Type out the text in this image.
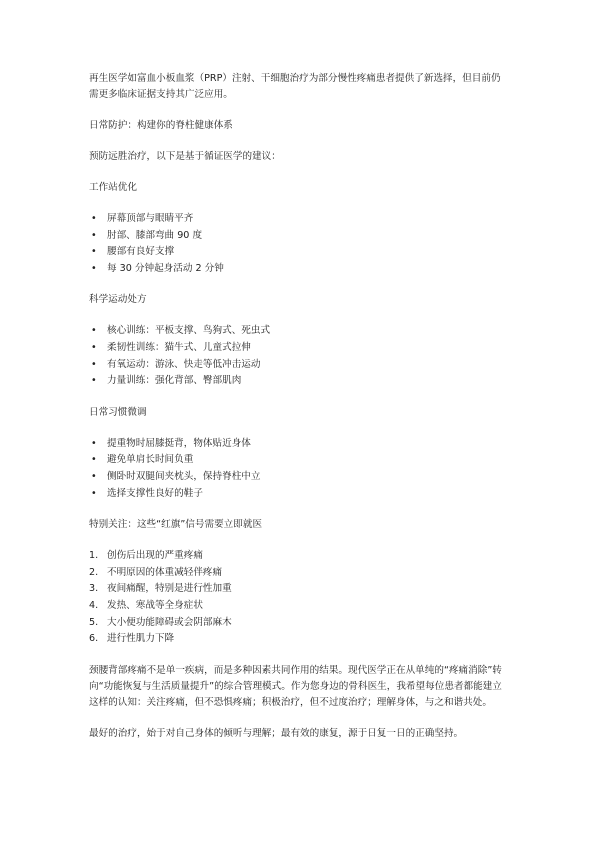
再生医学如富血小板血浆（PRP）注射、干细胞治疗为部分慢性疼痛患者提供了新选择，但目前仍需更多临床证据支持其广泛应用。

日常防护：构建你的脊柱健康体系

预防远胜治疗，以下是基于循证医学的建议：

工作站优化

• 屏幕顶部与眼睛平齐
• 肘部、膝部弯曲 90 度
• 腰部有良好支撑
• 每 30 分钟起身活动 2 分钟

科学运动处方

• 核心训练：平板支撑、鸟狗式、死虫式
• 柔韧性训练：猫牛式、儿童式拉伸
• 有氧运动：游泳、快走等低冲击运动
• 力量训练：强化背部、臀部肌肉

日常习惯微调

• 提重物时屈膝挺背，物体贴近身体
• 避免单肩长时间负重
• 侧卧时双腿间夹枕头，保持脊柱中立
• 选择支撑性良好的鞋子

特别关注：这些“红旗”信号需要立即就医

1. 创伤后出现的严重疼痛
2. 不明原因的体重减轻伴疼痛
3. 夜间痛醒，特别是进行性加重
4. 发热、寒战等全身症状
5. 大小便功能障碍或会阴部麻木
6. 进行性肌力下降

颈腰背部疼痛不是单一疾病，而是多种因素共同作用的结果。现代医学正在从单纯的“疼痛消除”转向“功能恢复与生活质量提升”的综合管理模式。作为您身边的骨科医生，我希望每位患者都能建立这样的认知：关注疼痛，但不恐惧疼痛；积极治疗，但不过度治疗；理解身体，与之和谐共处。

最好的治疗，始于对自己身体的倾听与理解；最有效的康复，源于日复一日的正确坚持。
